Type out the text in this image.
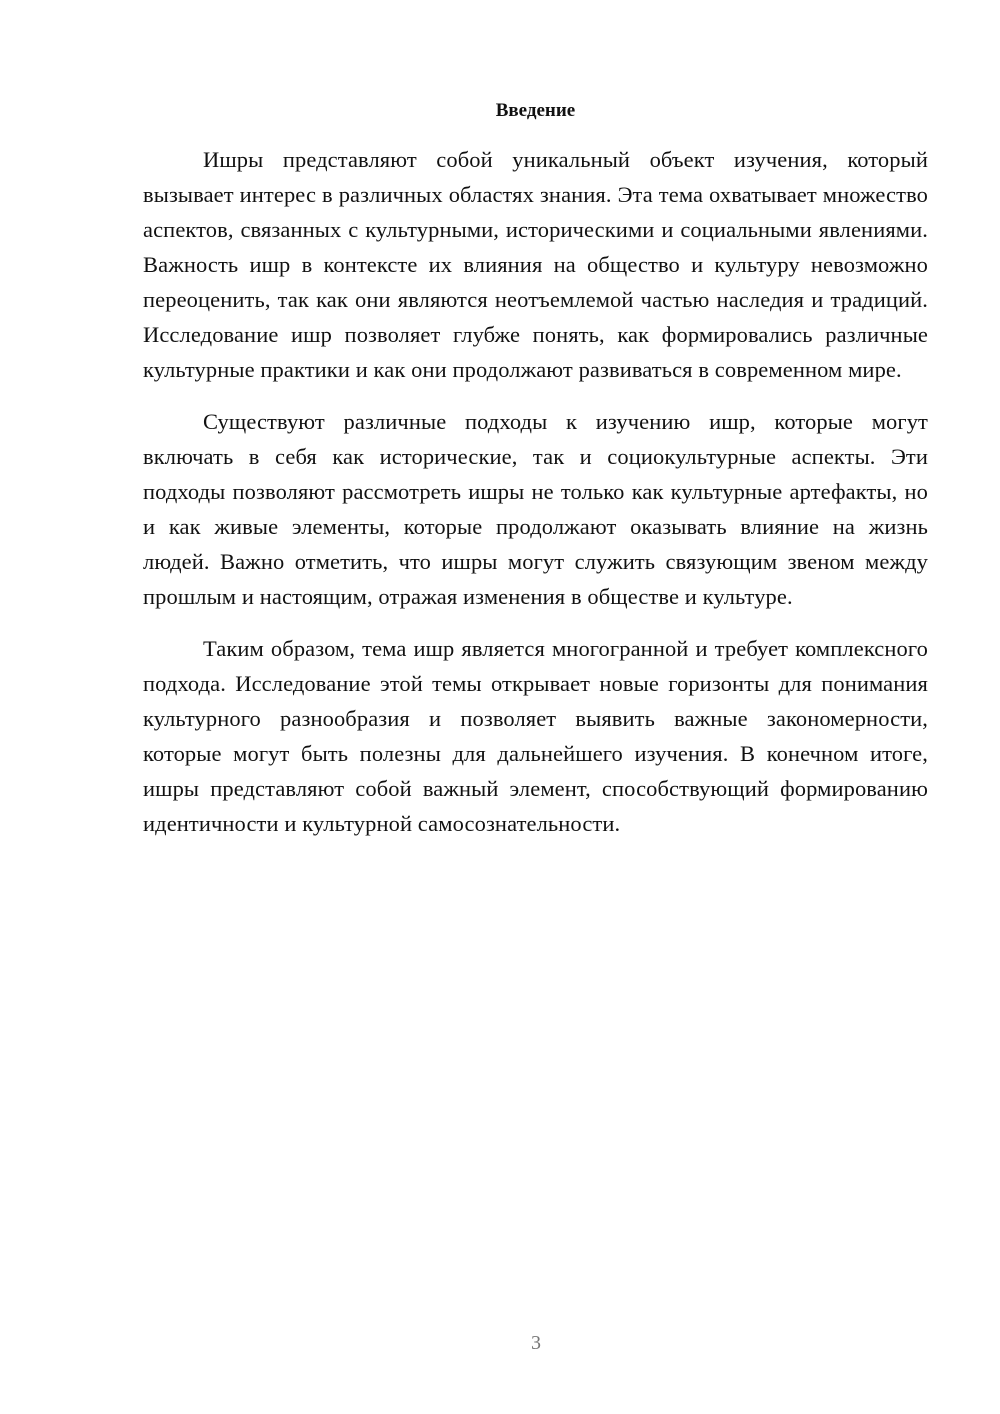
Введение

Ишры представляют собой уникальный объект изучения, который вызывает интерес в различных областях знания. Эта тема охватывает множество аспектов, связанных с культурными, историческими и социальными явлениями. Важность ишр в контексте их влияния на общество и культуру невозможно переоценить, так как они являются неотъемлемой частью наследия и традиций. Исследование ишр позволяет глубже понять, как формировались различные культурные практики и как они продолжают развиваться в современном мире.

Существуют различные подходы к изучению ишр, которые могут включать в себя как исторические, так и социокультурные аспекты. Эти подходы позволяют рассмотреть ишры не только как культурные артефакты, но и как живые элементы, которые продолжают оказывать влияние на жизнь людей. Важно отметить, что ишры могут служить связующим звеном между прошлым и настоящим, отражая изменения в обществе и культуре.

Таким образом, тема ишр является многогранной и требует комплексного подхода. Исследование этой темы открывает новые горизонты для понимания культурного разнообразия и позволяет выявить важные закономерности, которые могут быть полезны для дальнейшего изучения. В конечном итоге, ишры представляют собой важный элемент, способствующий формированию идентичности и культурной самосознательности.

3
